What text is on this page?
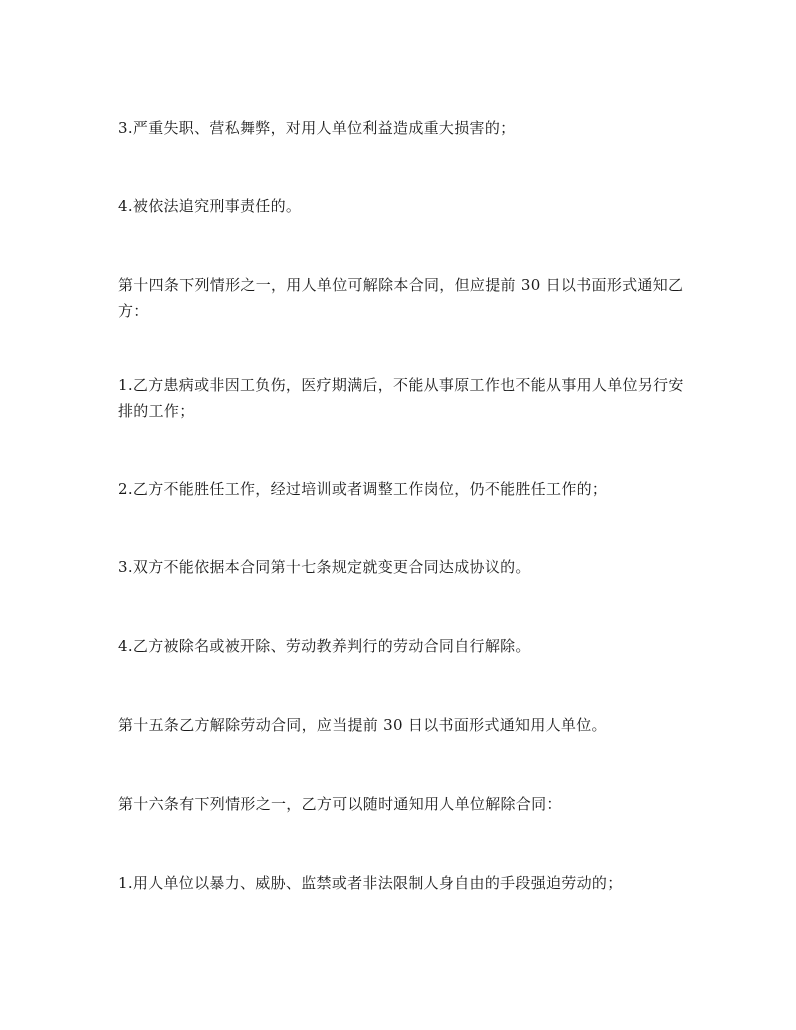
3.严重失职、营私舞弊，对用人单位利益造成重大损害的；

4.被依法追究刑事责任的。

第十四条下列情形之一，用人单位可解除本合同，但应提前 30 日以书面形式通知乙方：

1.乙方患病或非因工负伤，医疗期满后，不能从事原工作也不能从事用人单位另行安排的工作；

2.乙方不能胜任工作，经过培训或者调整工作岗位，仍不能胜任工作的；

3.双方不能依据本合同第十七条规定就变更合同达成协议的。

4.乙方被除名或被开除、劳动教养判行的劳动合同自行解除。

第十五条乙方解除劳动合同，应当提前 30 日以书面形式通知用人单位。

第十六条有下列情形之一，乙方可以随时通知用人单位解除合同：

1.用人单位以暴力、威胁、监禁或者非法限制人身自由的手段强迫劳动的；
